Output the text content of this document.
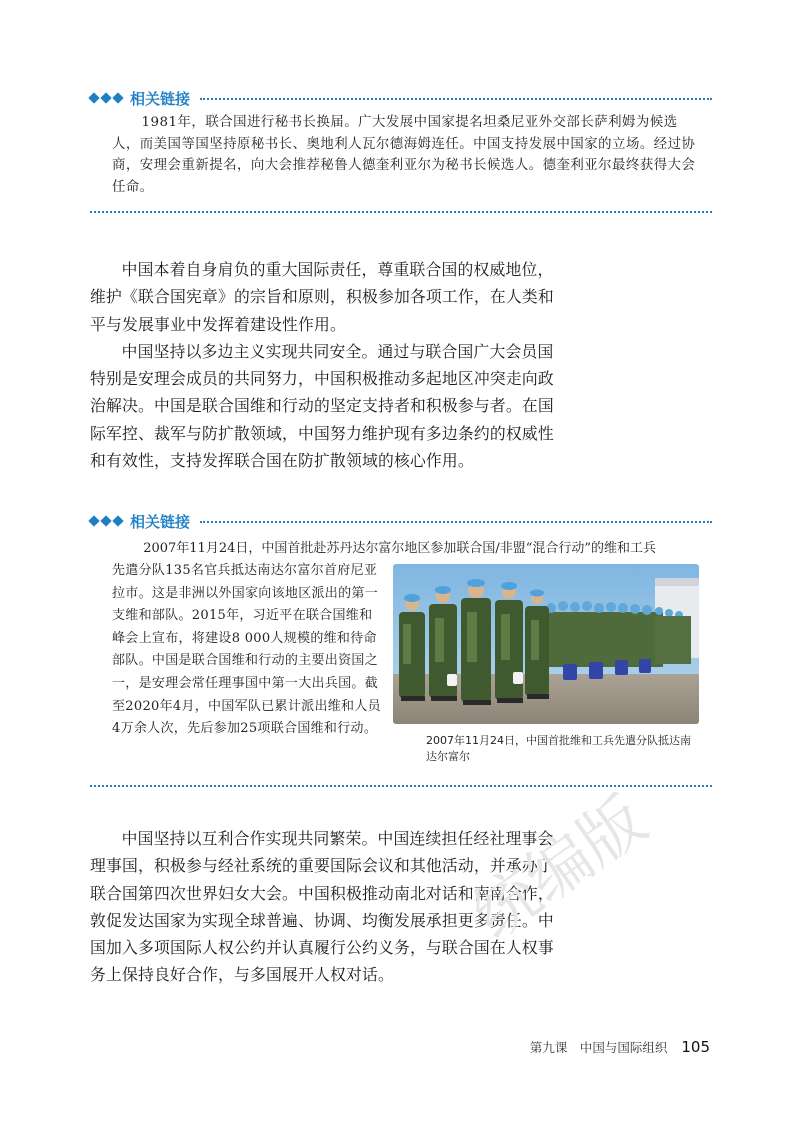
相关链接
1981年，联合国进行秘书长换届。广大发展中国家提名坦桑尼亚外交部长萨利姆为候选人，而美国等国坚持原秘书长、奥地利人瓦尔德海姆连任。中国支持发展中国家的立场。经过协商，安理会重新提名，向大会推荐秘鲁人德奎利亚尔为秘书长候选人。德奎利亚尔最终获得大会任命。

中国本着自身肩负的重大国际责任，尊重联合国的权威地位，维护《联合国宪章》的宗旨和原则，积极参加各项工作，在人类和平与发展事业中发挥着建设性作用。

中国坚持以多边主义实现共同安全。通过与联合国广大会员国特别是安理会成员的共同努力，中国积极推动多起地区冲突走向政治解决。中国是联合国维和行动的坚定支持者和积极参与者。在国际军控、裁军与防扩散领域，中国努力维护现有多边条约的权威性和有效性，支持发挥联合国在防扩散领域的核心作用。

相关链接
2007年11月24日，中国首批赴苏丹达尔富尔地区参加联合国/非盟“混合行动”的维和工兵
先遣分队135名官兵抵达南达尔富尔首府尼亚拉市。这是非洲以外国家向该地区派出的第一支维和部队。2015年，习近平在联合国维和峰会上宣布，将建设8 000人规模的维和待命部队。中国是联合国维和行动的主要出资国之一，是安理会常任理事国中第一大出兵国。截至2020年4月，中国军队已累计派出维和人员4万余人次，先后参加25项联合国维和行动。
2007年11月24日，中国首批维和工兵先遣分队抵达南达尔富尔

中国坚持以互利合作实现共同繁荣。中国连续担任经社理事会理事国，积极参与经社系统的重要国际会议和其他活动，并承办了联合国第四次世界妇女大会。中国积极推动南北对话和南南合作，敦促发达国家为实现全球普遍、协调、均衡发展承担更多责任。中国加入多项国际人权公约并认真履行公约义务，与联合国在人权事务上保持良好合作，与多国展开人权对话。

统编版
第九课　中国与国际组织 105
